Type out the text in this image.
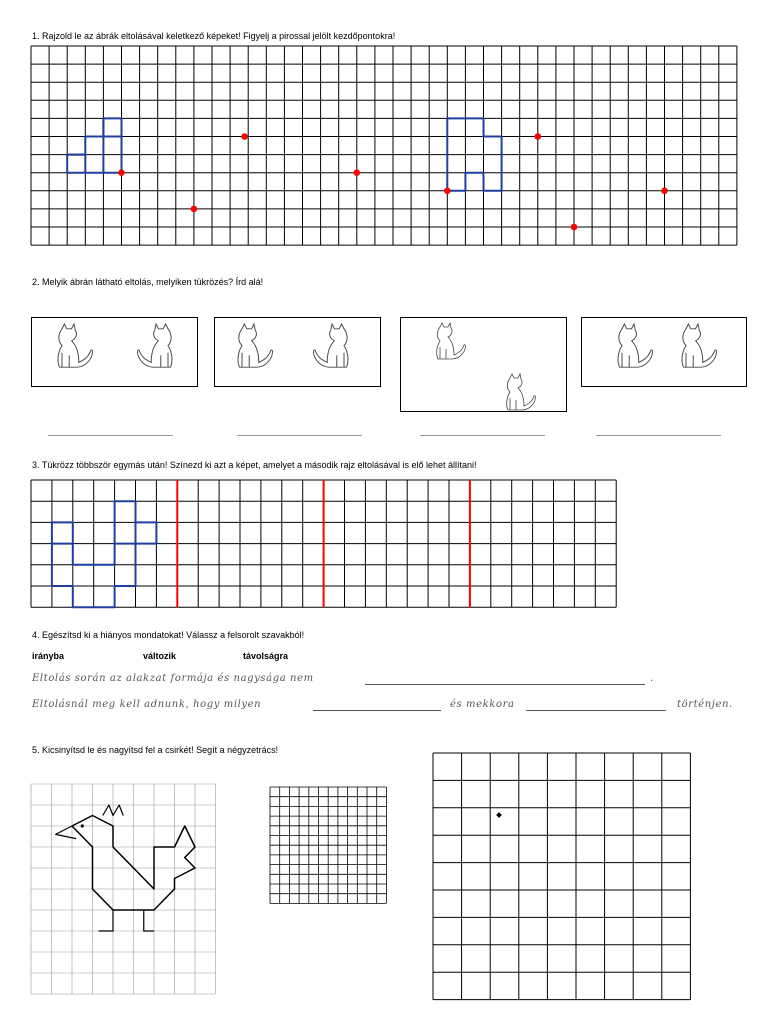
1. Rajzold le az ábrák eltolásával keletkező képeket! Figyelj a pirossal jelölt kezdőpontokra!
2. Melyik ábrán látható eltolás, melyiken tükrözés? Írd alá!
3. Tükrözz többször egymás után! Színezd ki azt a képet, amelyet a második rajz eltolásával is elő lehet állítani!
4. Egészítsd ki a hiányos mondatokat! Válassz a felsorolt szavakból!
irányba	változik	távolságra
Eltolás során az alakzat formája és nagysága nem	.
Eltolásnál meg kell adnunk, hogy milyen	és mekkora	történjen.
5. Kicsinyítsd le és nagyítsd fel a csirkét! Segít a négyzetrács!
